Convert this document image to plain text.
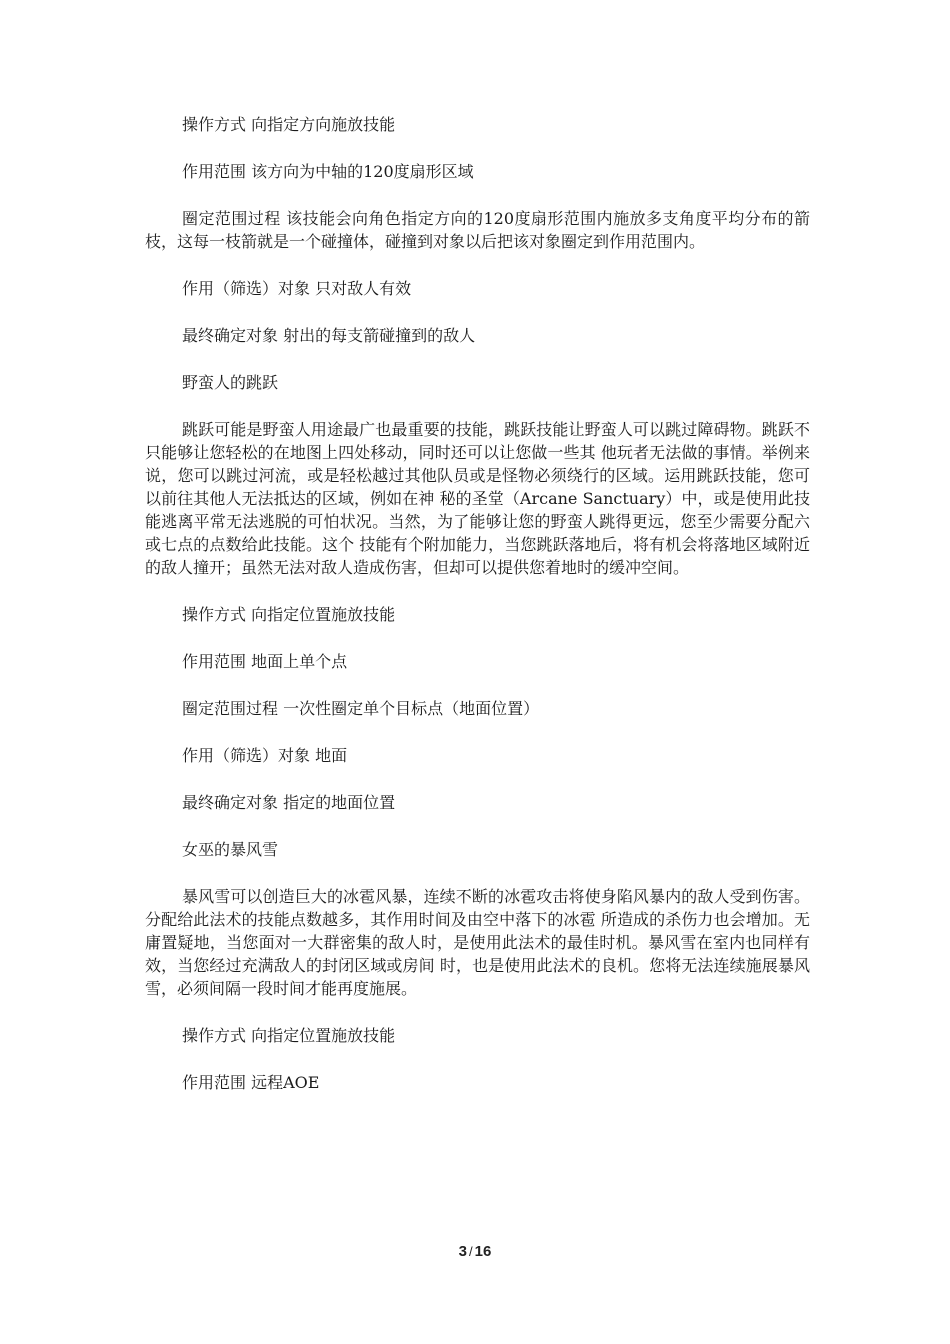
操作方式 向指定方向施放技能

作用范围 该方向为中轴的120度扇形区域

圈定范围过程 该技能会向角色指定方向的120度扇形范围内施放多支角度平均分布的箭枝，这每一枝箭就是一个碰撞体，碰撞到对象以后把该对象圈定到作用范围内。

作用（筛选）对象 只对敌人有效

最终确定对象 射出的每支箭碰撞到的敌人

野蛮人的跳跃

跳跃可能是野蛮人用途最广也最重要的技能，跳跃技能让野蛮人可以跳过障碍物。跳跃不只能够让您轻松的在地图上四处移动，同时还可以让您做一些其 他玩者无法做的事情。举例来说，您可以跳过河流，或是轻松越过其他队员或是怪物必须绕行的区域。运用跳跃技能，您可以前往其他人无法抵达的区域，例如在神 秘的圣堂（Arcane Sanctuary）中，或是使用此技能逃离平常无法逃脱的可怕状况。当然，为了能够让您的野蛮人跳得更远，您至少需要分配六或七点的点数给此技能。这个 技能有个附加能力，当您跳跃落地后，将有机会将落地区域附近的敌人撞开；虽然无法对敌人造成伤害，但却可以提供您着地时的缓冲空间。

操作方式 向指定位置施放技能

作用范围 地面上单个点

圈定范围过程 一次性圈定单个目标点（地面位置）

作用（筛选）对象 地面

最终确定对象 指定的地面位置

女巫的暴风雪

暴风雪可以创造巨大的冰雹风暴，连续不断的冰雹攻击将使身陷风暴内的敌人受到伤害。分配给此法术的技能点数越多，其作用时间及由空中落下的冰雹 所造成的杀伤力也会增加。无庸置疑地，当您面对一大群密集的敌人时，是使用此法术的最佳时机。暴风雪在室内也同样有效，当您经过充满敌人的封闭区域或房间 时，也是使用此法术的良机。您将无法连续施展暴风雪，必须间隔一段时间才能再度施展。

操作方式 向指定位置施放技能

作用范围 远程AOE

3 / 16
